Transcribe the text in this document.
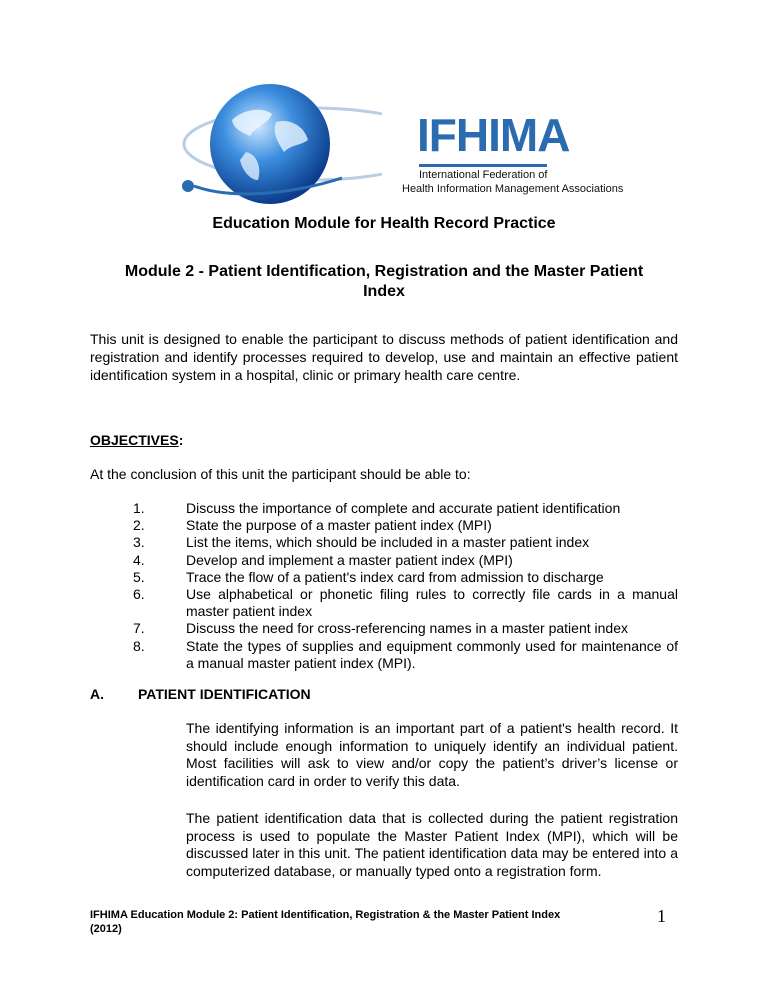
IFHIMA
International Federation of
Health Information Management Associations
Education Module for Health Record Practice
Module 2 - Patient Identification, Registration and the Master Patient Index
This unit is designed to enable the participant to discuss methods of patient identification and registration and identify processes required to develop, use and maintain an effective patient identification system in a hospital, clinic or primary health care centre.
OBJECTIVES:
At the conclusion of this unit the participant should be able to:
1.	Discuss the importance of complete and accurate patient identification
2.	State the purpose of a master patient index (MPI)
3.	List the items, which should be included in a master patient index
4.	Develop and implement a master patient index (MPI)
5.	Trace the flow of a patient's index card from admission to discharge
6.	Use alphabetical or phonetic filing rules to correctly file cards in a manual master patient index
7.	Discuss the need for cross-referencing names in a master patient index
8.	State the types of supplies and equipment commonly used for maintenance of a manual master patient index (MPI).
A. PATIENT IDENTIFICATION
The identifying information is an important part of a patient's health record. It should include enough information to uniquely identify an individual patient. Most facilities will ask to view and/or copy the patient’s driver’s license or identification card in order to verify this data.
The patient identification data that is collected during the patient registration process is used to populate the Master Patient Index (MPI), which will be discussed later in this unit. The patient identification data may be entered into a computerized database, or manually typed onto a registration form.
IFHIMA Education Module 2: Patient Identification, Registration & the Master Patient Index (2012)
1
